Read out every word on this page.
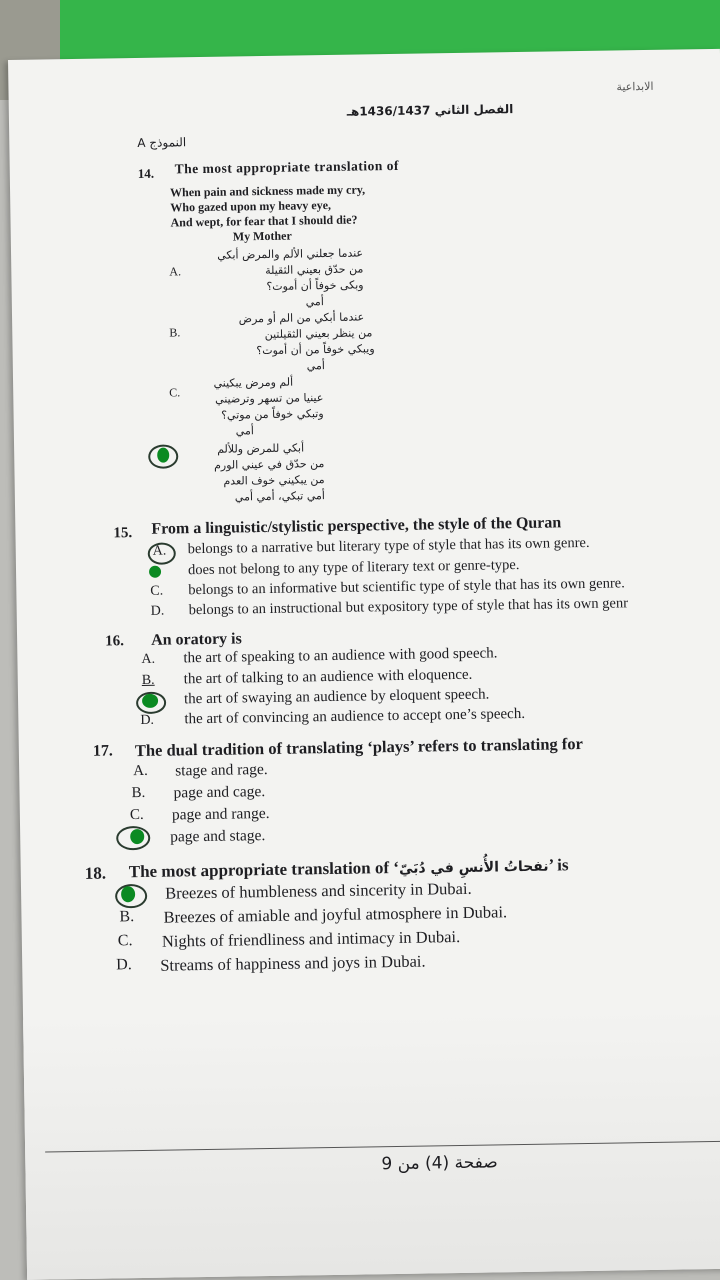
النموذج A
الفصل الثاني 1436/1437هـ
الابداعية
14. The most appropriate translation of
When pain and sickness made my cry,
Who gazed upon my heavy eye,
And wept, for fear that I should die?
My Mother
A.
عندما جعلني الألم والمرض أبكي
من حدّق بعيني الثقيلة
وبكى خوفاً أن أموت؟
أمي
B.
عندما أبكي من الم أو مرض
من ينظر بعيني الثقيلتين
ويبكي خوفاً من أن أموت؟
أمي
C.
ألم ومرض يبكيني
عينيا من تسهر وترضيني
وتبكي خوفاً من موتي؟
أمي
أبكي للمرض وللألم
من حدّق في عيني الورم
من يبكيني خوف العدم
أمي تبكي، أمي أمي
15. From a linguistic/stylistic perspective, the style of the Quran
A. belongs to a narrative but literary type of style that has its own genre.
does not belong to any type of literary text or genre-type.
C. belongs to an informative but scientific type of style that has its own genre.
D. belongs to an instructional but expository type of style that has its own genr
16. An oratory is
A. the art of speaking to an audience with good speech.
B. the art of talking to an audience with eloquence.
the art of swaying an audience by eloquent speech.
D. the art of convincing an audience to accept one’s speech.
17. The dual tradition of translating ‘plays’ refers to translating for
A. stage and rage.
B. page and cage.
C. page and range.
page and stage.
18. The most appropriate translation of ‘نفحاتُ الأُنسِ في دُبَيّ’ is
Breezes of humbleness and sincerity in Dubai.
B. Breezes of amiable and joyful atmosphere in Dubai.
C. Nights of friendliness and intimacy in Dubai.
D. Streams of happiness and joys in Dubai.
صفحة (4) من 9
